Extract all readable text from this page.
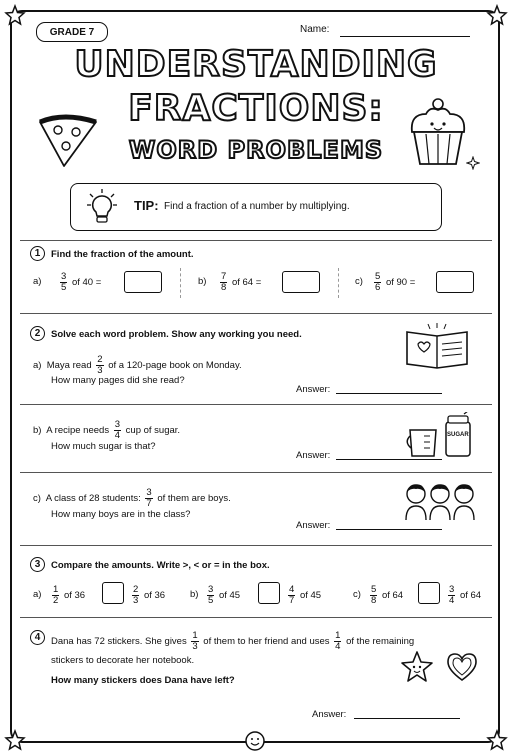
GRADE 7	Name:
UNDERSTANDING
FRACTIONS:
WORD PROBLEMS
TIP: Find a fraction of a number by multiplying.
1	Find the fraction of the amount.
$a) \frac{3}{5}$ of 40 =	$b) \frac{7}{8}$ of 64 =	$c) \frac{5}{6}$ of 90 =
2	Solve each word problem. Show any working you need.
a) Maya read $\frac{2}{3}$ of a 120-page book on Monday.
How many pages did she read?
Answer:
b) A recipe needs $\frac{3}{4}$ cup of sugar.
How much sugar is that?
Answer:
SUGAR
c) A class of 28 students: $\frac{3}{7}$ of them are boys.
How many boys are in the class?
Answer:
3	Compare the amounts. Write >, < or = in the box.
$a) \frac{1}{2}$ of 36	$\frac{2}{3}$ of 36	$b) \frac{3}{5}$ of 45	$\frac{4}{7}$ of 45	$c) \frac{5}{8}$ of 64	$\frac{3}{4}$ of 64
4	Dana has 72 stickers. She gives $\frac{1}{3}$ of them to her friend and uses $\frac{1}{4}$ of the remaining
stickers to decorate her notebook.
How many stickers does Dana have left?
Answer:
